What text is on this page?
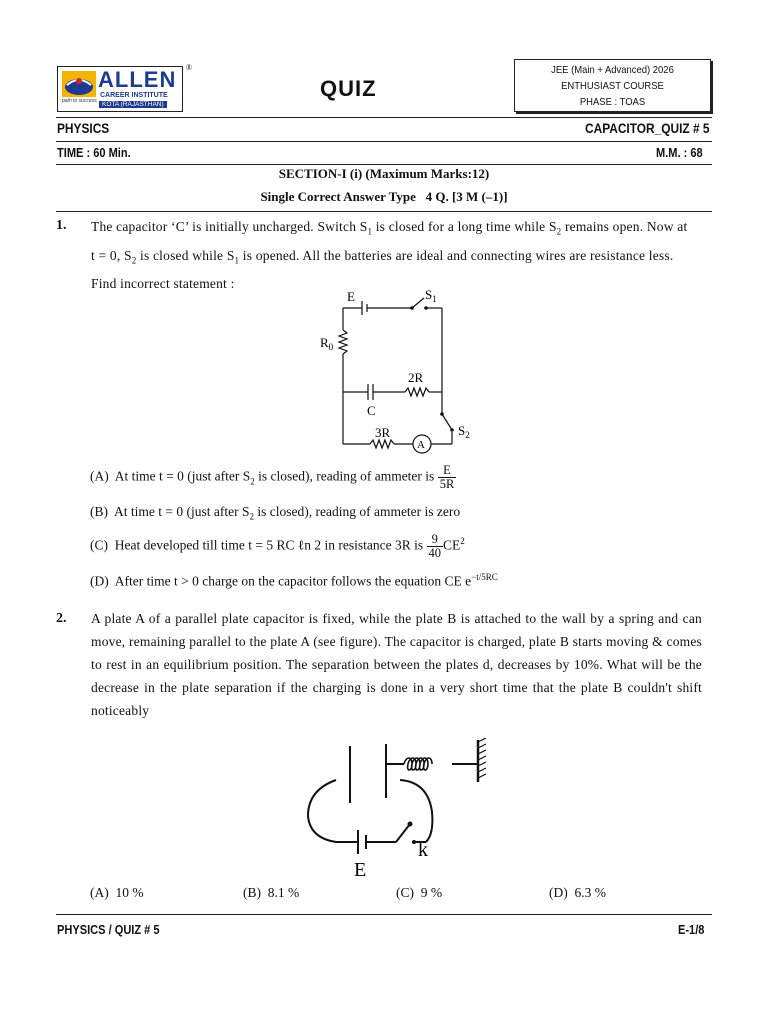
ALLEN ®
CAREER INSTITUTE
KOTA (RAJASTHAN)
path to success	QUIZ
JEE (Main + Advanced) 2026
ENTHUSIAST COURSE
PHASE : TOAS
PHYSICS	CAPACITOR_QUIZ # 5
TIME : 60 Min.	M.M. : 68
SECTION-I (i) (Maximum Marks:12)
Single Correct Answer Type   4 Q. [3 M (–1)]
1. The capacitor ‘C’ is initially uncharged. Switch $S_1$ is closed for a long time while $S_2$ remains open. Now at
t = 0, $S_2$ is closed while $S_1$ is opened. All the batteries are ideal and connecting wires are resistance less.
Find incorrect statement :
E	$S_1$
$R_0$
2R
C
3R
A
$S_2$
(A) At time t = 0 (just after $S_2$ is closed), reading of ammeter is $\frac{E}{5R}$
(B) At time t = 0 (just after $S_2$ is closed), reading of ammeter is zero
(C) Heat developed till time t = 5 RC ℓn 2 in resistance 3R is $\frac{9}{40} CE^2$
(D) After time t > 0 charge on the capacitor follows the equation CE $e^{-t/5RC}$
2. A plate A of a parallel plate capacitor is fixed, while the plate B is attached to the wall by a spring and can
move, remaining parallel to the plate A (see figure). The capacitor is charged, plate B starts moving & comes
to rest in an equilibrium position. The separation between the plates d, decreases by 10%. What will be the
decrease in the plate separation if the charging is done in a very short time that the plate B couldn't shift
noticeably
E
k
(A)  10 %	(B)  8.1 %	(C)  9 %	(D)  6.3 %
PHYSICS / QUIZ # 5	E-1/8
